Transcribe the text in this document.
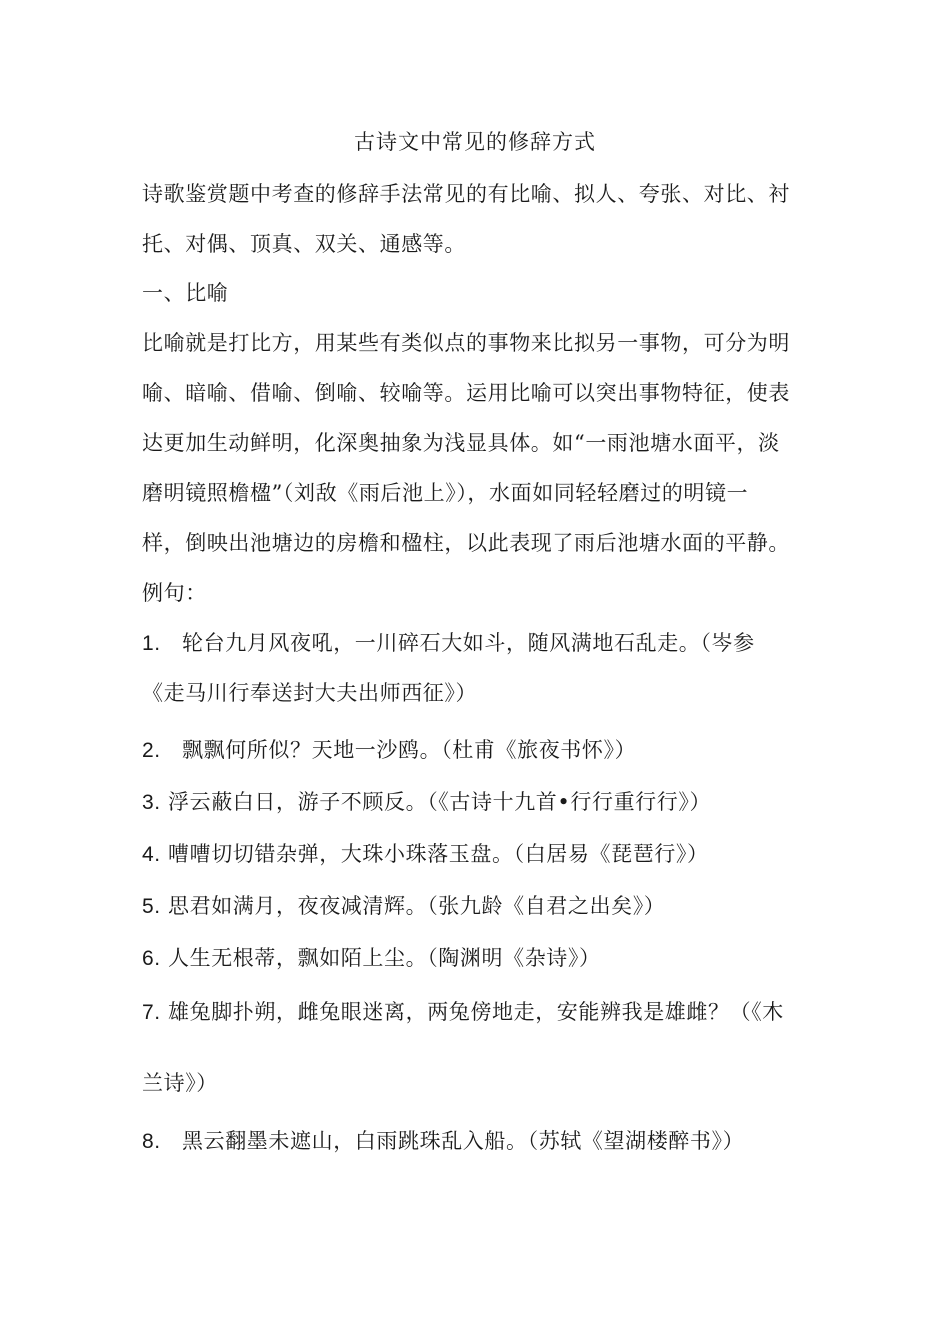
古诗文中常见的修辞方式
诗歌鉴赏题中考查的修辞手法常见的有比喻、拟人、夸张、对比、衬
托、对偶、顶真、双关、通感等。
一、比喻
比喻就是打比方，用某些有类似点的事物来比拟另一事物，可分为明
喻、暗喻、借喻、倒喻、较喻等。运用比喻可以突出事物特征，使表
达更加生动鲜明，化深奥抽象为浅显具体。如“一雨池塘水面平，淡
磨明镜照檐楹”（刘敌《雨后池上》），水面如同轻轻磨过的明镜一
样，倒映出池塘边的房檐和楹柱，以此表现了雨后池塘水面的平静。
例句：
1. 轮台九月风夜吼，一川碎石大如斗，随风满地石乱走。（岑参
《走马川行奉送封大夫出师西征》）
2. 飘飘何所似？天地一沙鸥。（杜甫《旅夜书怀》）
3. 浮云蔽白日，游子不顾反。（《古诗十九首•行行重行行》）
4. 嘈嘈切切错杂弹，大珠小珠落玉盘。（白居易《琵琶行》）
5. 思君如满月，夜夜减清辉。（张九龄《自君之出矣》）
6. 人生无根蒂，飘如陌上尘。（陶渊明《杂诗》）
7. 雄兔脚扑朔，雌兔眼迷离，两兔傍地走，安能辨我是雄雌？（《木
兰诗》）
8. 黑云翻墨未遮山，白雨跳珠乱入船。（苏轼《望湖楼醉书》）
